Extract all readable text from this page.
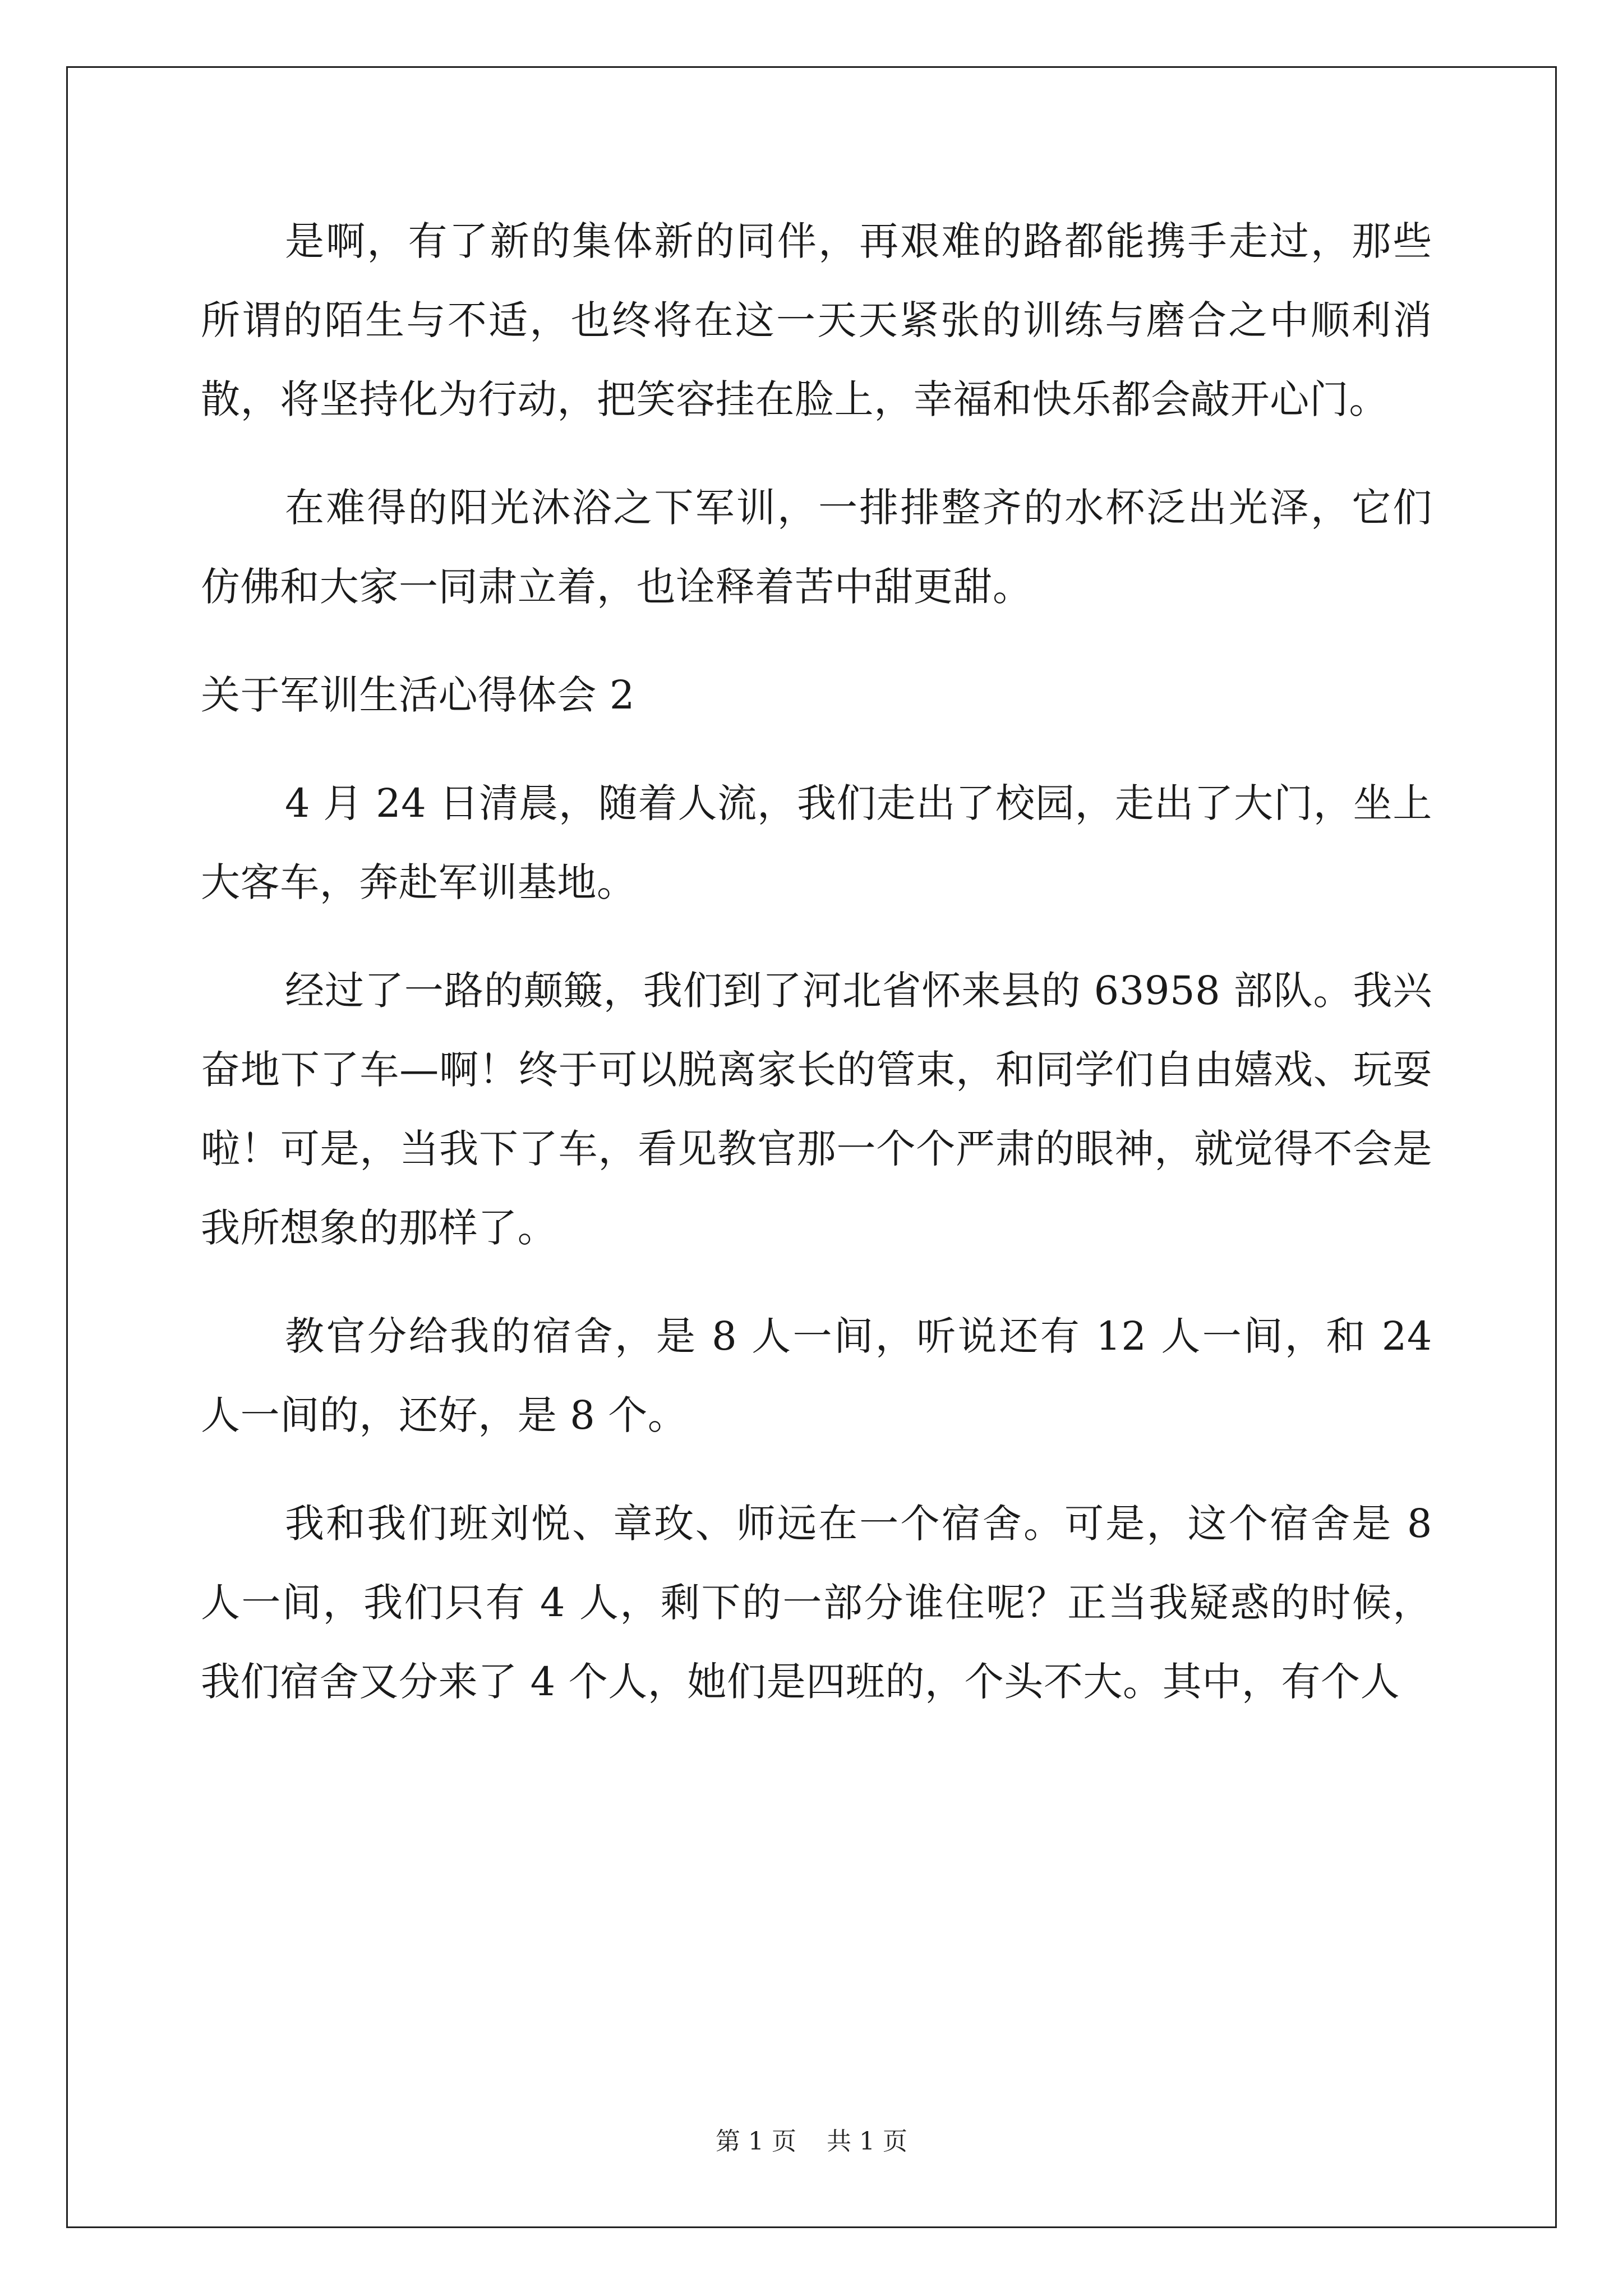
是啊，有了新的集体新的同伴，再艰难的路都能携手走过，那些所谓的陌生与不适，也终将在这一天天紧张的训练与磨合之中顺利消散，将坚持化为行动，把笑容挂在脸上，幸福和快乐都会敲开心门。

在难得的阳光沐浴之下军训，一排排整齐的水杯泛出光泽，它们仿佛和大家一同肃立着，也诠释着苦中甜更甜。

关于军训生活心得体会 2

4 月 24 日清晨，随着人流，我们走出了校园，走出了大门，坐上大客车，奔赴军训基地。

经过了一路的颠簸，我们到了河北省怀来县的 63958 部队。我兴奋地下了车—啊！终于可以脱离家长的管束，和同学们自由嬉戏、玩耍啦！可是，当我下了车，看见教官那一个个严肃的眼神，就觉得不会是我所想象的那样了。

教官分给我的宿舍，是 8 人一间，听说还有 12 人一间，和 24 人一间的，还好，是 8 个。

我和我们班刘悦、章玫、师远在一个宿舍。可是，这个宿舍是 8 人一间，我们只有 4 人，剩下的一部分谁住呢？正当我疑惑的时候，我们宿舍又分来了 4 个人，她们是四班的，个头不大。其中，有个人

第 1 页 共 1 页
